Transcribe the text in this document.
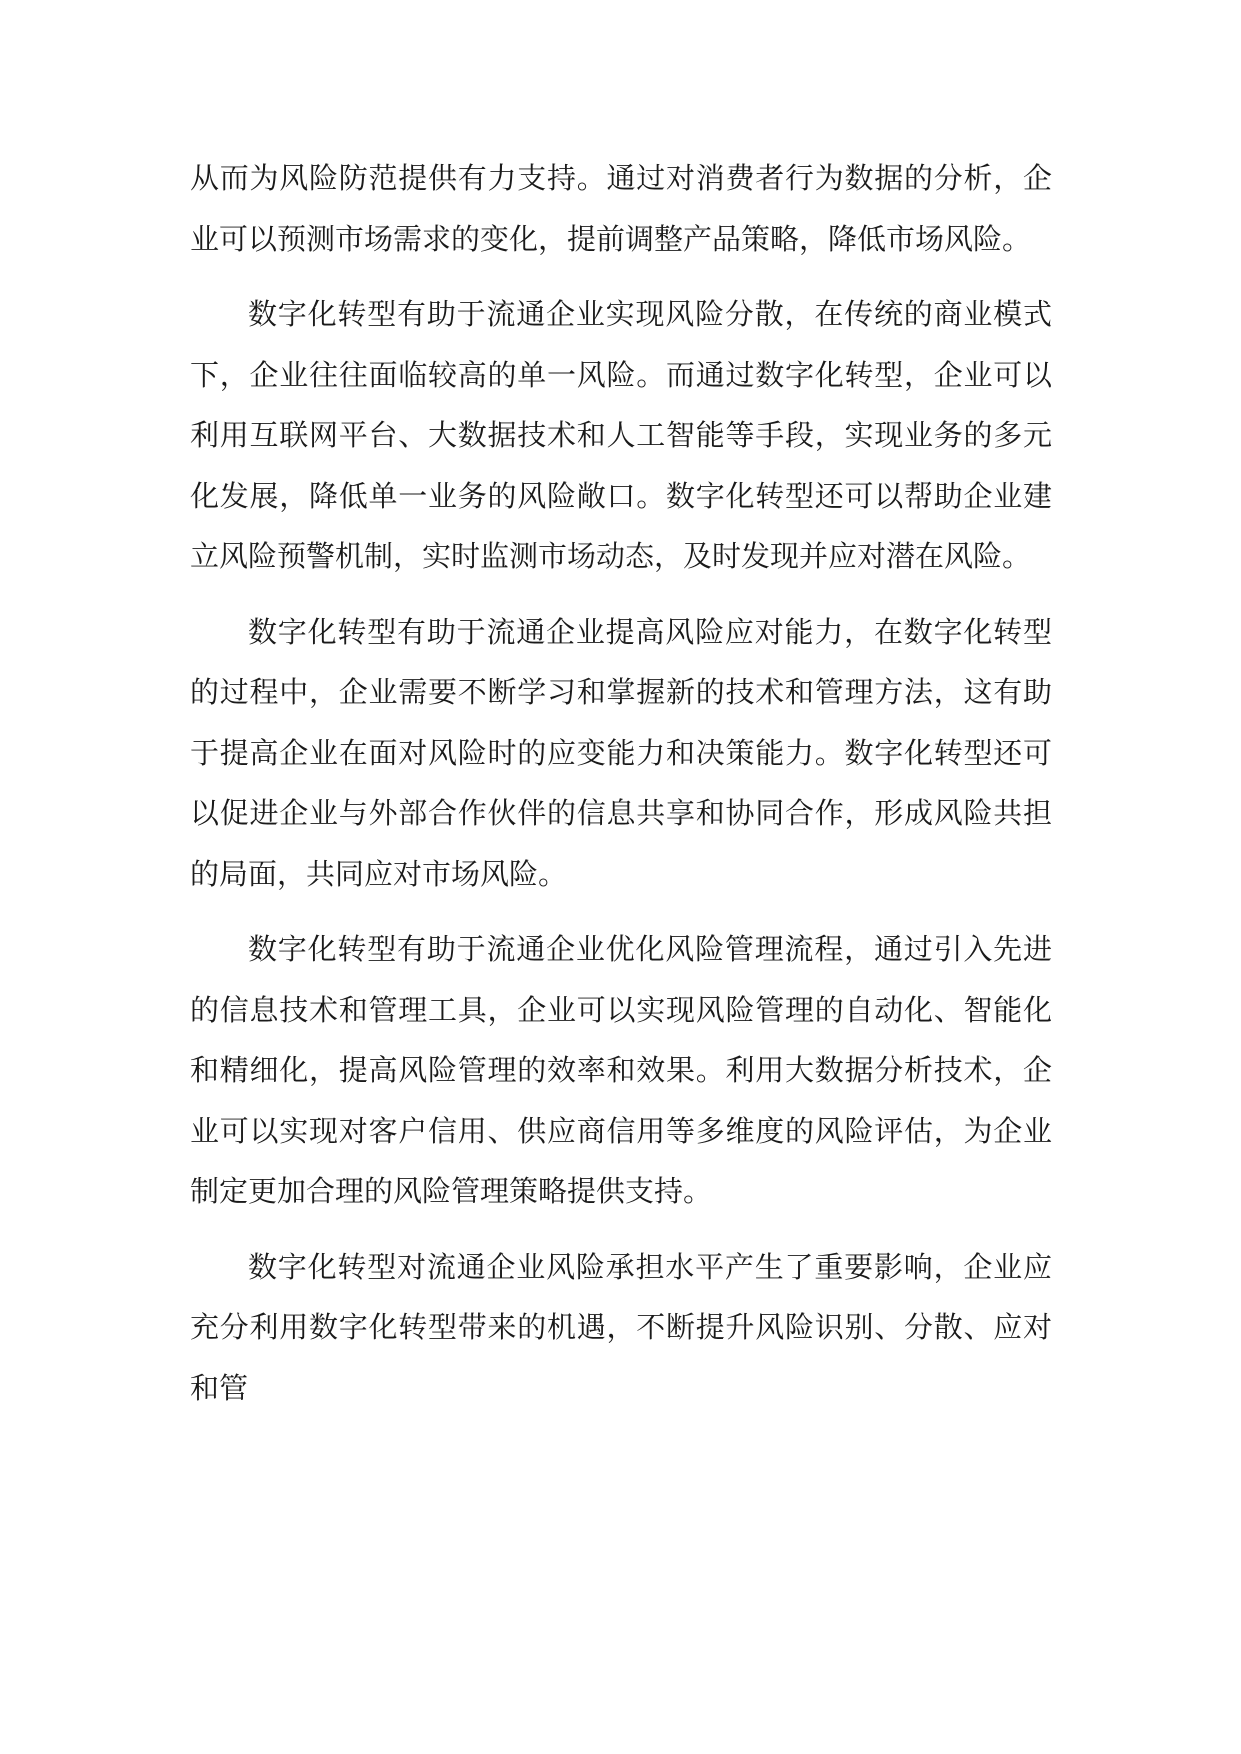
从而为风险防范提供有力支持。通过对消费者行为数据的分析，企业可以预测市场需求的变化，提前调整产品策略，降低市场风险。

数字化转型有助于流通企业实现风险分散，在传统的商业模式下，企业往往面临较高的单一风险。而通过数字化转型，企业可以利用互联网平台、大数据技术和人工智能等手段，实现业务的多元化发展，降低单一业务的风险敞口。数字化转型还可以帮助企业建立风险预警机制，实时监测市场动态，及时发现并应对潜在风险。

数字化转型有助于流通企业提高风险应对能力，在数字化转型的过程中，企业需要不断学习和掌握新的技术和管理方法，这有助于提高企业在面对风险时的应变能力和决策能力。数字化转型还可以促进企业与外部合作伙伴的信息共享和协同合作，形成风险共担的局面，共同应对市场风险。

数字化转型有助于流通企业优化风险管理流程，通过引入先进的信息技术和管理工具，企业可以实现风险管理的自动化、智能化和精细化，提高风险管理的效率和效果。利用大数据分析技术，企业可以实现对客户信用、供应商信用等多维度的风险评估，为企业制定更加合理的风险管理策略提供支持。

数字化转型对流通企业风险承担水平产生了重要影响，企业应充分利用数字化转型带来的机遇，不断提升风险识别、分散、应对和管
